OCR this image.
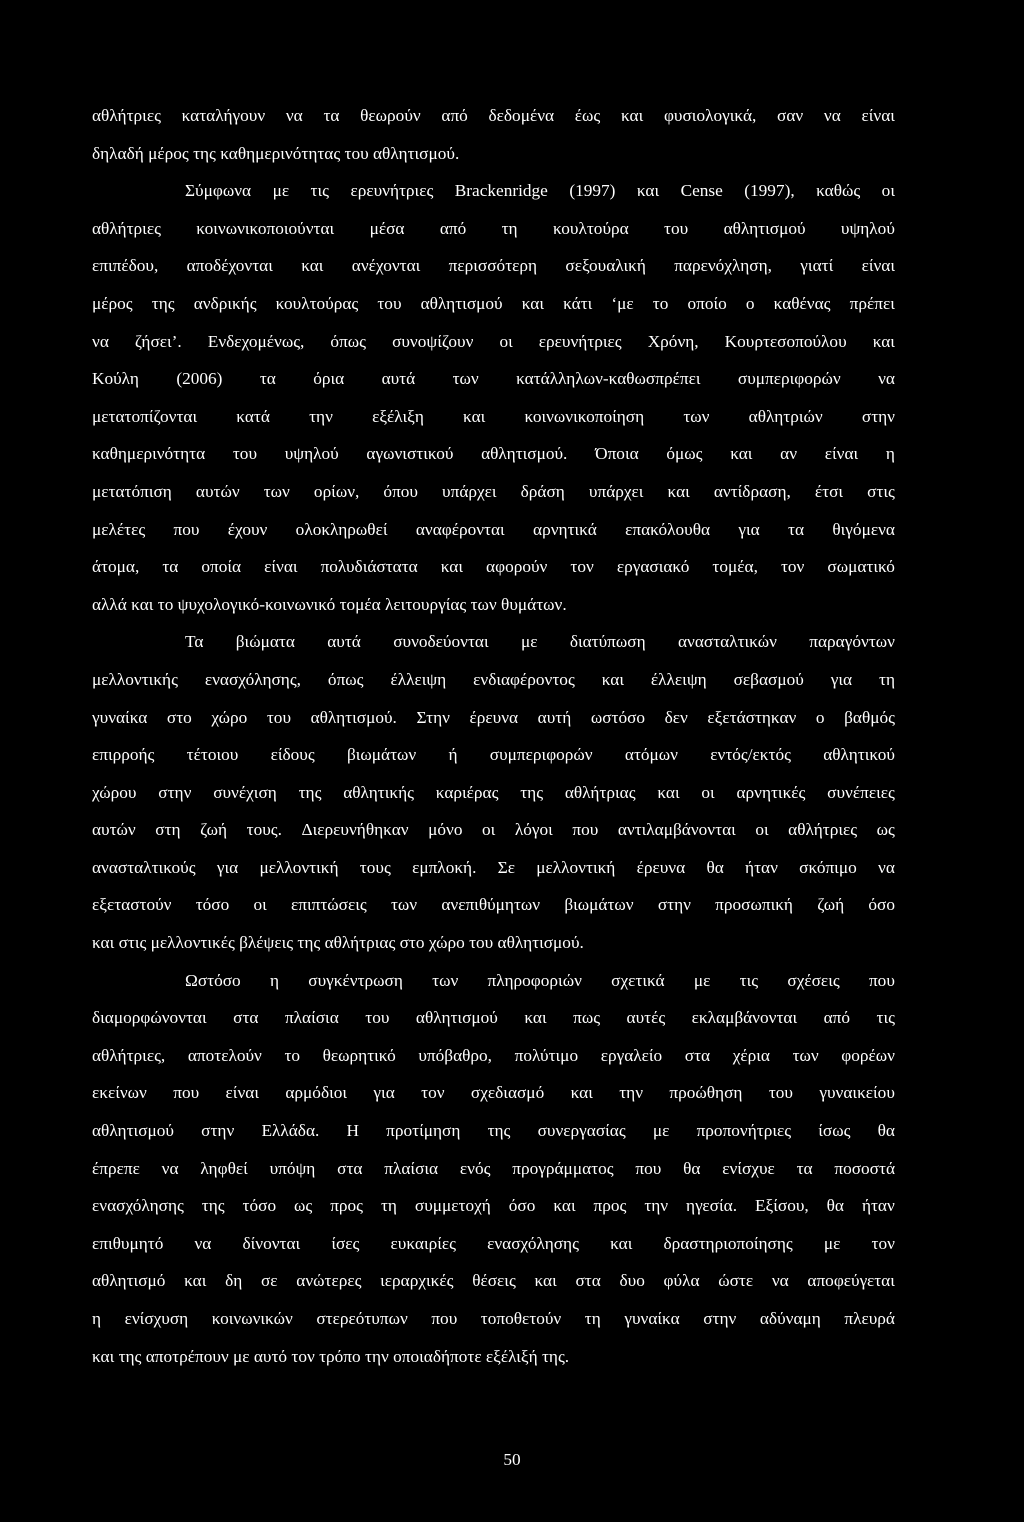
αθλήτριες καταλήγουν να τα θεωρούν από δεδομένα έως και φυσιολογικά, σαν να είναι
δηλαδή μέρος της καθημερινότητας του αθλητισμού.
Σύμφωνα με τις ερευνήτριες Brackenridge (1997) και Cense (1997), καθώς οι
αθλήτριες κοινωνικοποιούνται μέσα από τη κουλτούρα του αθλητισμού υψηλού
επιπέδου, αποδέχονται και ανέχονται περισσότερη σεξουαλική παρενόχληση, γιατί είναι
μέρος της ανδρικής κουλτούρας του αθλητισμού και κάτι ‘με το οποίο ο καθένας πρέπει
να ζήσει’. Ενδεχομένως, όπως συνοψίζουν οι ερευνήτριες Χρόνη, Κουρτεσοπούλου και
Κούλη (2006) τα όρια αυτά των κατάλληλων-καθωσπρέπει συμπεριφορών να
μετατοπίζονται κατά την εξέλιξη και κοινωνικοποίηση των αθλητριών στην
καθημερινότητα του υψηλού αγωνιστικού αθλητισμού. Όποια όμως και αν είναι η
μετατόπιση αυτών των ορίων, όπου υπάρχει δράση υπάρχει και αντίδραση, έτσι στις
μελέτες που έχουν ολοκληρωθεί αναφέρονται αρνητικά επακόλουθα για τα θιγόμενα
άτομα, τα οποία είναι πολυδιάστατα και αφορούν τον εργασιακό τομέα, τον σωματικό
αλλά και το ψυχολογικό-κοινωνικό τομέα λειτουργίας των θυμάτων.
Τα βιώματα αυτά συνοδεύονται με διατύπωση ανασταλτικών παραγόντων
μελλοντικής ενασχόλησης, όπως έλλειψη ενδιαφέροντος και έλλειψη σεβασμού για τη
γυναίκα στο χώρο του αθλητισμού. Στην έρευνα αυτή ωστόσο δεν εξετάστηκαν ο βαθμός
επιρροής τέτοιου είδους βιωμάτων ή συμπεριφορών ατόμων εντός/εκτός αθλητικού
χώρου στην συνέχιση της αθλητικής καριέρας της αθλήτριας και οι αρνητικές συνέπειες
αυτών στη ζωή τους. Διερευνήθηκαν μόνο οι λόγοι που αντιλαμβάνονται οι αθλήτριες ως
ανασταλτικούς για μελλοντική τους εμπλοκή. Σε μελλοντική έρευνα θα ήταν σκόπιμο να
εξεταστούν τόσο οι επιπτώσεις των ανεπιθύμητων βιωμάτων στην προσωπική ζωή όσο
και στις μελλοντικές βλέψεις της αθλήτριας στο χώρο του αθλητισμού.
Ωστόσο η συγκέντρωση των πληροφοριών σχετικά με τις σχέσεις που
διαμορφώνονται στα πλαίσια του αθλητισμού και πως αυτές εκλαμβάνονται από τις
αθλήτριες, αποτελούν το θεωρητικό υπόβαθρο, πολύτιμο εργαλείο στα χέρια των φορέων
εκείνων που είναι αρμόδιοι για τον σχεδιασμό και την προώθηση του γυναικείου
αθλητισμού στην Ελλάδα. Η προτίμηση της συνεργασίας με προπονήτριες ίσως θα
έπρεπε να ληφθεί υπόψη στα πλαίσια ενός προγράμματος που θα ενίσχυε τα ποσοστά
ενασχόλησης της τόσο ως προς τη συμμετοχή όσο και προς την ηγεσία. Εξίσου, θα ήταν
επιθυμητό να δίνονται ίσες ευκαιρίες ενασχόλησης και δραστηριοποίησης με τον
αθλητισμό και δη σε ανώτερες ιεραρχικές θέσεις και στα δυο φύλα ώστε να αποφεύγεται
η ενίσχυση κοινωνικών στερεότυπων που τοποθετούν τη γυναίκα στην αδύναμη πλευρά
και της αποτρέπουν με αυτό τον τρόπο την οποιαδήποτε εξέλιξή της.
50
